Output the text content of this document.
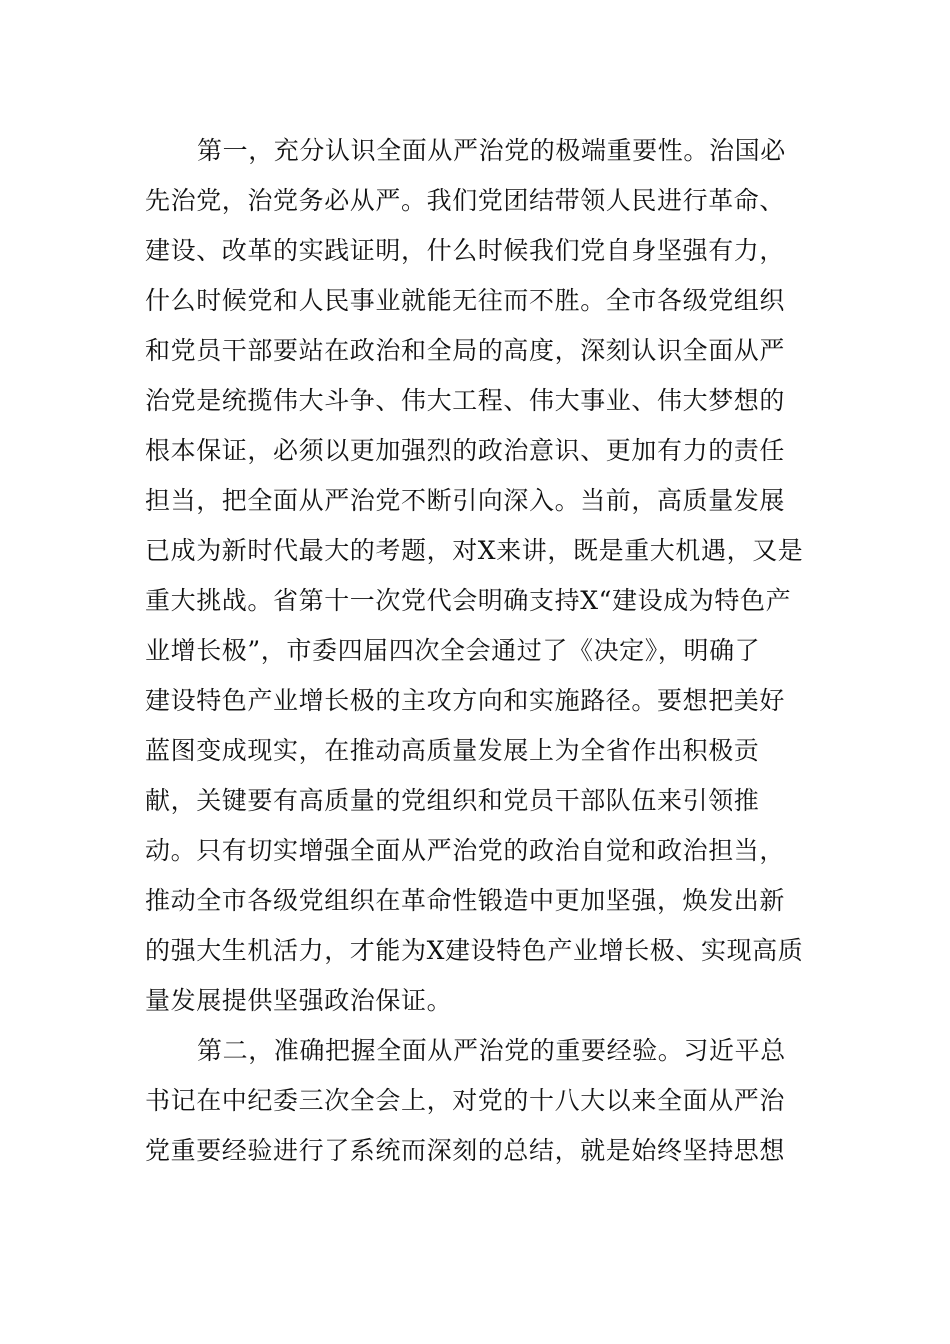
第一，充分认识全面从严治党的极端重要性。治国必
先治党，治党务必从严。我们党团结带领人民进行革命、
建设、改革的实践证明，什么时候我们党自身坚强有力，
什么时候党和人民事业就能无往而不胜。全市各级党组织
和党员干部要站在政治和全局的高度，深刻认识全面从严
治党是统揽伟大斗争、伟大工程、伟大事业、伟大梦想的
根本保证，必须以更加强烈的政治意识、更加有力的责任
担当，把全面从严治党不断引向深入。当前，高质量发展
已成为新时代最大的考题，对X来讲，既是重大机遇，又是
重大挑战。省第十一次党代会明确支持X“建设成为特色产
业增长极”，市委四届四次全会通过了《决定》，明确了
建设特色产业增长极的主攻方向和实施路径。要想把美好
蓝图变成现实，在推动高质量发展上为全省作出积极贡
献，关键要有高质量的党组织和党员干部队伍来引领推
动。只有切实增强全面从严治党的政治自觉和政治担当，
推动全市各级党组织在革命性锻造中更加坚强，焕发出新
的强大生机活力，才能为X建设特色产业增长极、实现高质
量发展提供坚强政治保证。
第二，准确把握全面从严治党的重要经验。习近平总
书记在中纪委三次全会上，对党的十八大以来全面从严治
党重要经验进行了系统而深刻的总结，就是始终坚持思想
